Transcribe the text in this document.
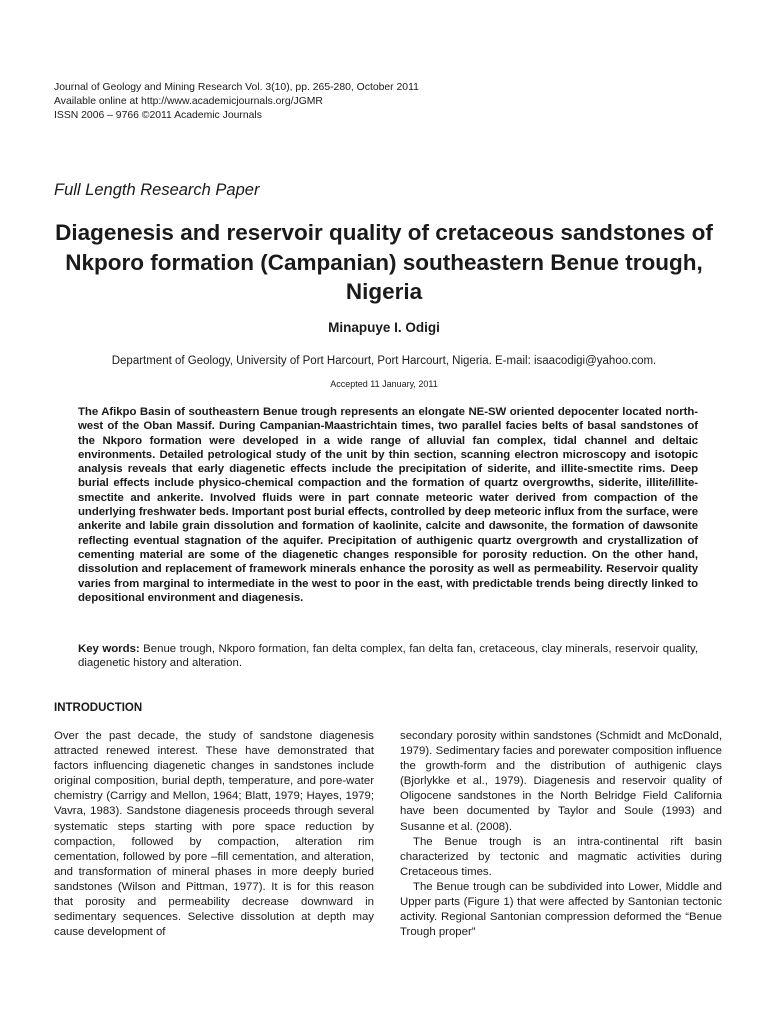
Journal of Geology and Mining Research Vol. 3(10), pp. 265-280, October 2011
Available online at http://www.academicjournals.org/JGMR
ISSN 2006 – 9766 ©2011 Academic Journals
Full Length Research Paper
Diagenesis and reservoir quality of cretaceous sandstones of Nkporo formation (Campanian) southeastern Benue trough, Nigeria
Minapuye I. Odigi
Department of Geology, University of Port Harcourt, Port Harcourt, Nigeria. E-mail: isaacodigi@yahoo.com.
Accepted 11 January, 2011
The Afikpo Basin of southeastern Benue trough represents an elongate NE-SW oriented depocenter located north-west of the Oban Massif. During Campanian-Maastrichtain times, two parallel facies belts of basal sandstones of the Nkporo formation were developed in a wide range of alluvial fan complex, tidal channel and deltaic environments. Detailed petrological study of the unit by thin section, scanning electron microscopy and isotopic analysis reveals that early diagenetic effects include the precipitation of siderite, and illite-smectite rims. Deep burial effects include physico-chemical compaction and the formation of quartz overgrowths, siderite, illite/illite-smectite and ankerite. Involved fluids were in part connate meteoric water derived from compaction of the underlying freshwater beds. Important post burial effects, controlled by deep meteoric influx from the surface, were ankerite and labile grain dissolution and formation of kaolinite, calcite and dawsonite, the formation of dawsonite reflecting eventual stagnation of the aquifer. Precipitation of authigenic quartz overgrowth and crystallization of cementing material are some of the diagenetic changes responsible for porosity reduction. On the other hand, dissolution and replacement of framework minerals enhance the porosity as well as permeability. Reservoir quality varies from marginal to intermediate in the west to poor in the east, with predictable trends being directly linked to depositional environment and diagenesis.
Key words: Benue trough, Nkporo formation, fan delta complex, fan delta fan, cretaceous, clay minerals, reservoir quality, diagenetic history and alteration.
INTRODUCTION

Over the past decade, the study of sandstone diagenesis attracted renewed interest. These have demonstrated that factors influencing diagenetic changes in sandstones include original composition, burial depth, temperature, and pore-water chemistry (Carrigy and Mellon, 1964; Blatt, 1979; Hayes, 1979; Vavra, 1983). Sandstone diagenesis proceeds through several systematic steps starting with pore space reduction by compaction, followed by compaction, alteration rim cementation, followed by pore –fill cementation, and alteration, and transformation of mineral phases in more deeply buried sandstones (Wilson and Pittman, 1977). It is for this reason that porosity and permeability decrease downward in sedimentary sequences. Selective dissolution at depth may cause development of

secondary porosity within sandstones (Schmidt and McDonald, 1979). Sedimentary facies and porewater composition influence the growth-form and the distribution of authigenic clays (Bjorlykke et al., 1979). Diagenesis and reservoir quality of Oligocene sandstones in the North Belridge Field California have been documented by Taylor and Soule (1993) and Susanne et al. (2008).

The Benue trough is an intra-continental rift basin characterized by tectonic and magmatic activities during Cretaceous times.

The Benue trough can be subdivided into Lower, Middle and Upper parts (Figure 1) that were affected by Santonian tectonic activity. Regional Santonian compression deformed the “Benue Trough proper”
